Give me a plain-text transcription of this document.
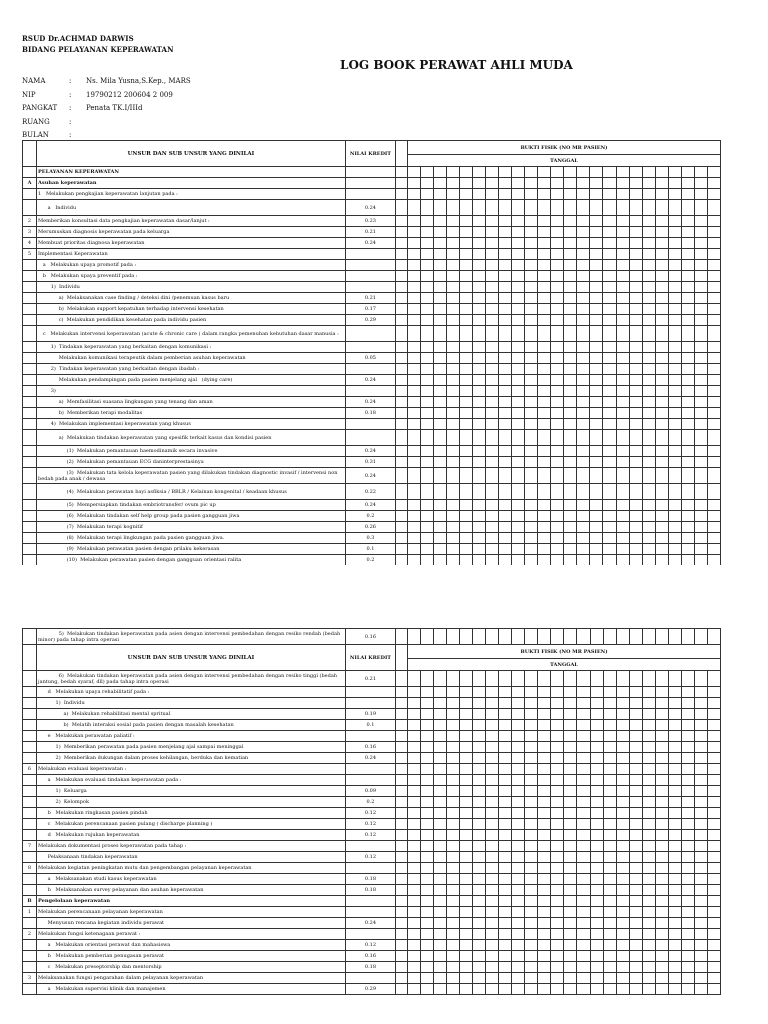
RSUD Dr.ACHMAD DARWIS
BIDANG PELAYANAN KEPERAWATAN
LOG BOOK PERAWAT AHLI MUDA
NAMA	: Ns. Mila Yusna,S.Kep., MARS
NIP	: 19790212 200604 2 009
PANGKAT : Penata TK.I/IIId
RUANG	:
BULAN	:
	UNSUR DAN SUB UNSUR YANG DINILAI	NILAI KREDIT		BUKTI FISIK (NO MR PASIEN)																							
				TANGGAL																							
	PELAYANAN KEPERAWATAN																										
A	Asuhan keperawatan																										
	1   Melakukan pengkajian keperawatan lanjutan pada :																										
	a   Individu	0.24																									
2	Memberikan konsultasi data pengkajian keperawatan dasar/lanjut :	0.23																									
3	Merumuskan diagnosis keperawatan pada keluarga	0.21																									
4	Membuat prioritas diagnosa keperawatan	0.24																									
5	Implementasi Keperawatan																										
	a   Melakukan upaya promotif pada :																										
	b   Melakukan upaya preventif pada :																										
	1)  Individu																										
	a)  Melaksanakan case finding / deteksi dini /penemuan kasus baru	0.21																									
	b)  Melakukan support kepatuhan terhadap intervensi kesehatan	0.17																									
	c)  Melakukan pendidikan kesehatan pada individu pasien	0.29																									
	c   Melakukan intervensi keperawatan (acute & chronic care ) dalam rangka pemenuhan kebutuhan dasar manusia :																										
	1)  Tindakan keperawatan yang berkaitan dengan komunikasi :																										
	Melakukan komunikasi terapeutik dalam pemberian asuhan keperawatan	0.05																									
	2)  Tindakan keperawatan yang berkaitan dengan ibadah :																										
	Melakukan pendampingan pada pasien menjelang ajal   (dying care)	0.24																									
	3)																										
	a)  Memfasilitasi suasana lingkungan yang tenang dan aman	0.24																									
	b)  Memberikan terapi modalitas	0.18																									
	4)  Melakukan implementasi keperawatan yang khusus																										
	a)  Melakukan tindakan keperawatan yang spesifik terkait kasus dan kondisi pasien																										
	(1)  Melakukan pemantauan haemodinamik secara invasive	0.24																									
	(2)  Melakukan pemantauan ECG daninterprestasinya	0.31																									
	(3)  Melakukan tata kelola keperawatan pasien yang dilakukan tindakan diagnostic invasif / intervensi non bedah pada anak / dewasa	0.24																									
	(4)  Melakukan perawatan bayi asfiksia / BBLR / Kelainan kongenital / keadaan khusus	0.22																									
	(5)  Mempersiapkan tindakan embriotransfer/ ovum pic up	0.24																									
	(6)  Melakukan tindakan self help group pada pasien gangguan jiwa	0.2																									
	(7)  Melakukan terapi kognitif	0.26																									
	(8)  Melakukan terapi lingkungan pada pasien gangguan jiwa.	0.3																									
	(9)  Melakukan perawatan pasien dengan prilaku kekerasan	0.1																									
	(10)  Melakukan perawatan pasien dengan gangguan orientasi ralita	0.2																									
	5)  Melakukan tindakan keperawatan pada asien dengan intervensi pembedahan dengan resiko rendah (bedah minor) pada tahap intra operasi	0.16																									
	UNSUR DAN SUB UNSUR YANG DINILAI	NILAI KREDIT		BUKTI FISIK (NO MR PASIEN)																							
				TANGGAL																							
	6)  Melakukan tindakan keperawatan pada asien dengan intervensi pembedahan dengan resiko tinggi (bedah jantung, bedah syaraf, dll) pada tahap intra operasi	0.21																									
	d   Melakukan upaya rehabilitatif pada :																										
	1)  Individu																										
	a)  Melakukan rehabilitasi mental spritual	0.19																									
	b)  Melatih interaksi sosial pada pasien dengan masalah kesehatan	0.1																									
	e   Melakukan perawatan paliatif :																										
	1)  Memberikan perawatan pada pasien menjelang ajal sampai meninggal	0.16																									
	2)  Memberikan dukungan dalam proses kehilangan, berduka dan kematian	0.24																									
6	Melakukan evaluasi keperawatan :																										
	a   Melakukan evaluasi tindakan keperawatan pada :																										
	1)  Keluarga	0.09																									
	2)  Kelompok	0.2																									
	b   Melakukan ringkasan pasien pindah	0.12																									
	c   Melakukan perencanaan pasien pulang ( discharge planning )	0.12																									
	d   Melakukan rujukan keperawatan	0.12																									
7	Melakukan dokumentasi proses keperawatan pada tahap :																										
	Pelaksanaan tindakan keperawatan	0.12																									
8	Melakukan kegiatan peningkatan mutu dan pengembangan pelayanan keperawatan																										
	a   Melaksanakan studi kasus keperawatan	0.18																									
	b   Melaksanakan survey pelayanan dan asuhan keperawatan	0.18																									
B	Pengelolaan keperawatan																										
1	Melakukan perencanaan pelayanan keperawatan																										
	Menyusun rencana kegiatan individu perawat	0.24																									
2	Melakukan fungsi ketenagaan perawat :																										
	a   Melakukan orientasi perawat dan mahasiswa	0.12																									
	b   Melakukan pemberian penugasan perawat	0.16																									
	c   Melakukan preseptorship dan mentorship	0.18																									
3	Melaksanakan fungsi pengarahan dalam pelayanan keperawatan																										
	a   Melakukan supervisi klinik dan manajemen	0.29																									
